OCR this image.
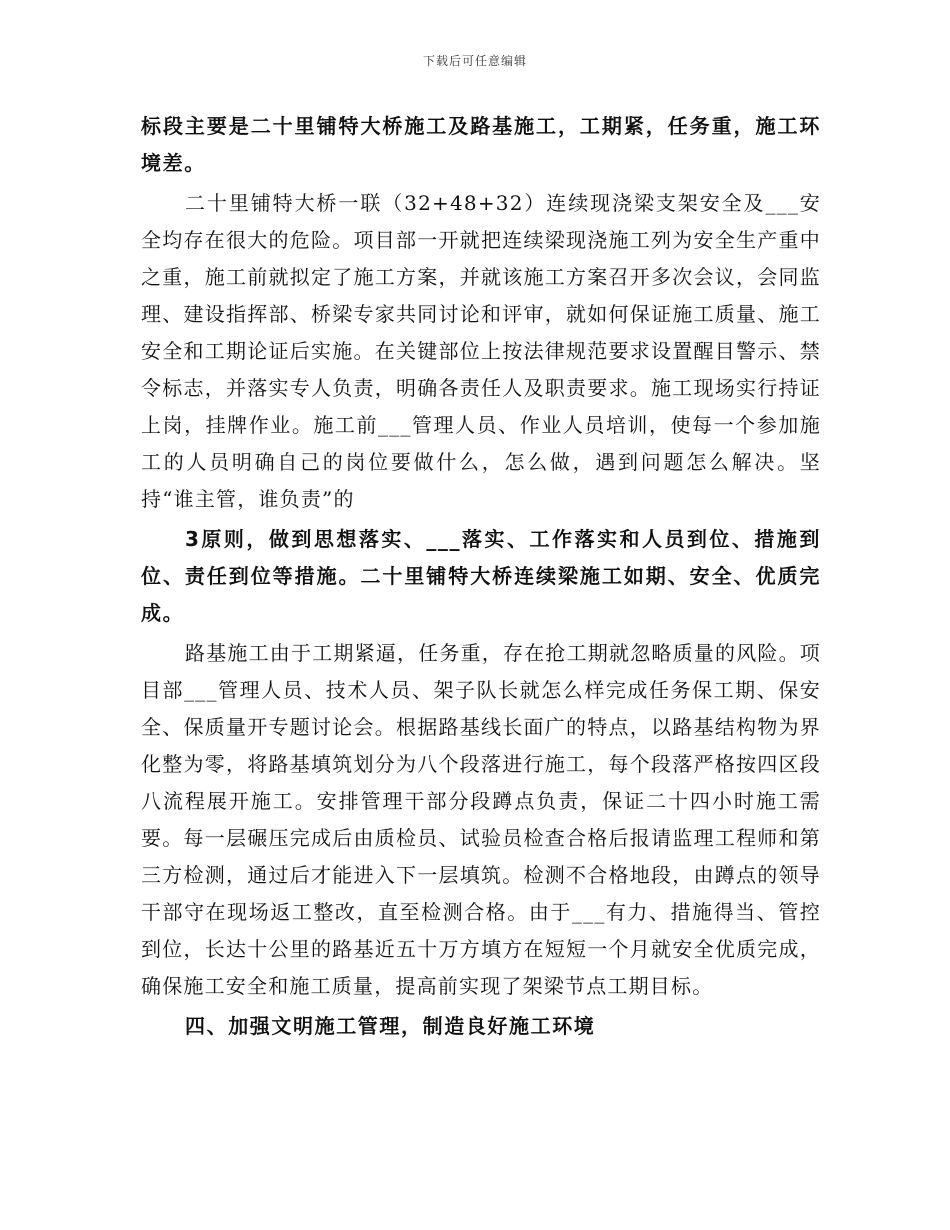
下载后可任意编辑

标段主要是二十里铺特大桥施工及路基施工，工期紧，任务重，施工环境差。

二十里铺特大桥一联（32+48+32）连续现浇梁支架安全及___安全均存在很大的危险。项目部一开就把连续梁现浇施工列为安全生产重中之重，施工前就拟定了施工方案，并就该施工方案召开多次会议，会同监理、建设指挥部、桥梁专家共同讨论和评审，就如何保证施工质量、施工安全和工期论证后实施。在关键部位上按法律规范要求设置醒目警示、禁令标志，并落实专人负责，明确各责任人及职责要求。施工现场实行持证上岗，挂牌作业。施工前___管理人员、作业人员培训，使每一个参加施工的人员明确自己的岗位要做什么，怎么做，遇到问题怎么解决。坚持“谁主管，谁负责”的

3原则，做到思想落实、___落实、工作落实和人员到位、措施到位、责任到位等措施。二十里铺特大桥连续梁施工如期、安全、优质完成。

路基施工由于工期紧逼，任务重，存在抢工期就忽略质量的风险。项目部___管理人员、技术人员、架子队长就怎么样完成任务保工期、保安全、保质量开专题讨论会。根据路基线长面广的特点，以路基结构物为界化整为零，将路基填筑划分为八个段落进行施工，每个段落严格按四区段八流程展开施工。安排管理干部分段蹲点负责，保证二十四小时施工需要。每一层碾压完成后由质检员、试验员检查合格后报请监理工程师和第三方检测，通过后才能进入下一层填筑。检测不合格地段，由蹲点的领导干部守在现场返工整改，直至检测合格。由于___有力、措施得当、管控到位，长达十公里的路基近五十万方填方在短短一个月就安全优质完成，确保施工安全和施工质量，提高前实现了架梁节点工期目标。

四、加强文明施工管理，制造良好施工环境
